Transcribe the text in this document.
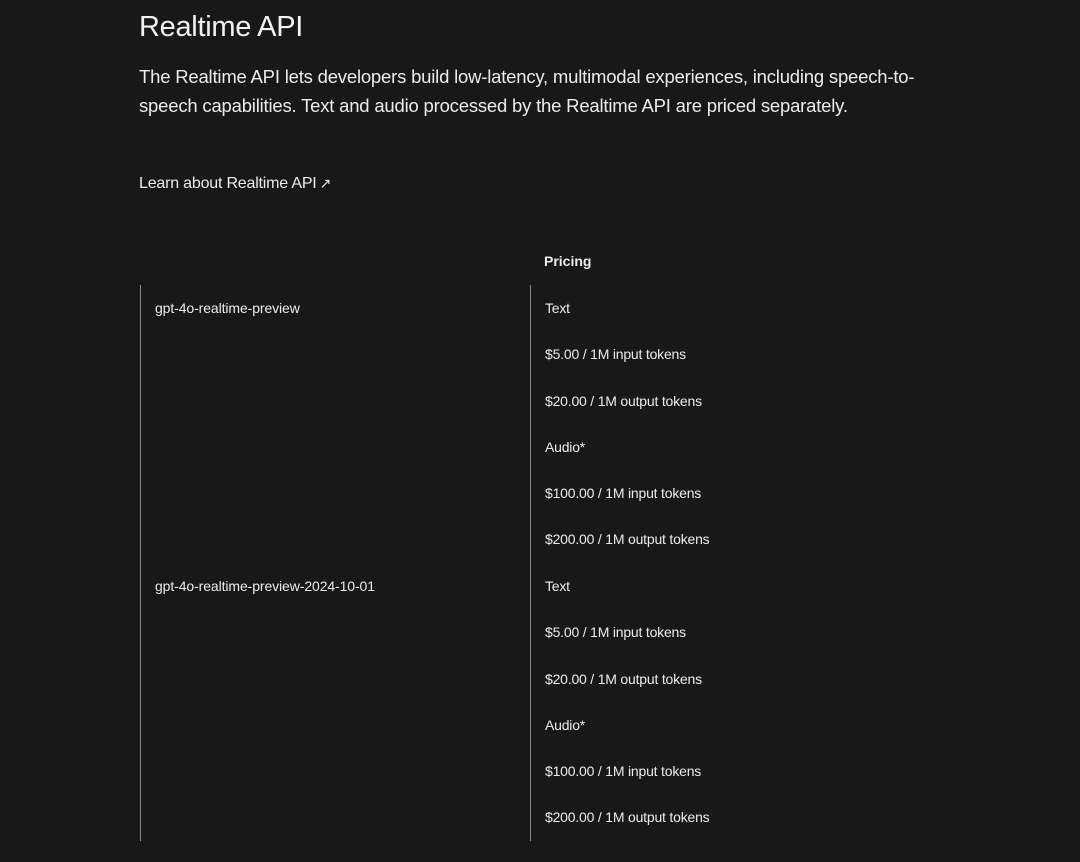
Realtime API

The Realtime API lets developers build low-latency, multimodal experiences, including speech-to-speech capabilities. Text and audio processed by the Realtime API are priced separately.

Learn about Realtime API ↗
Pricing
gpt-4o-realtime-preview	Text
$5.00 / 1M input tokens
$20.00 / 1M output tokens
Audio*
$100.00 / 1M input tokens
$200.00 / 1M output tokens
gpt-4o-realtime-preview-2024-10-01	Text
$5.00 / 1M input tokens
$20.00 / 1M output tokens
Audio*
$100.00 / 1M input tokens
$200.00 / 1M output tokens
